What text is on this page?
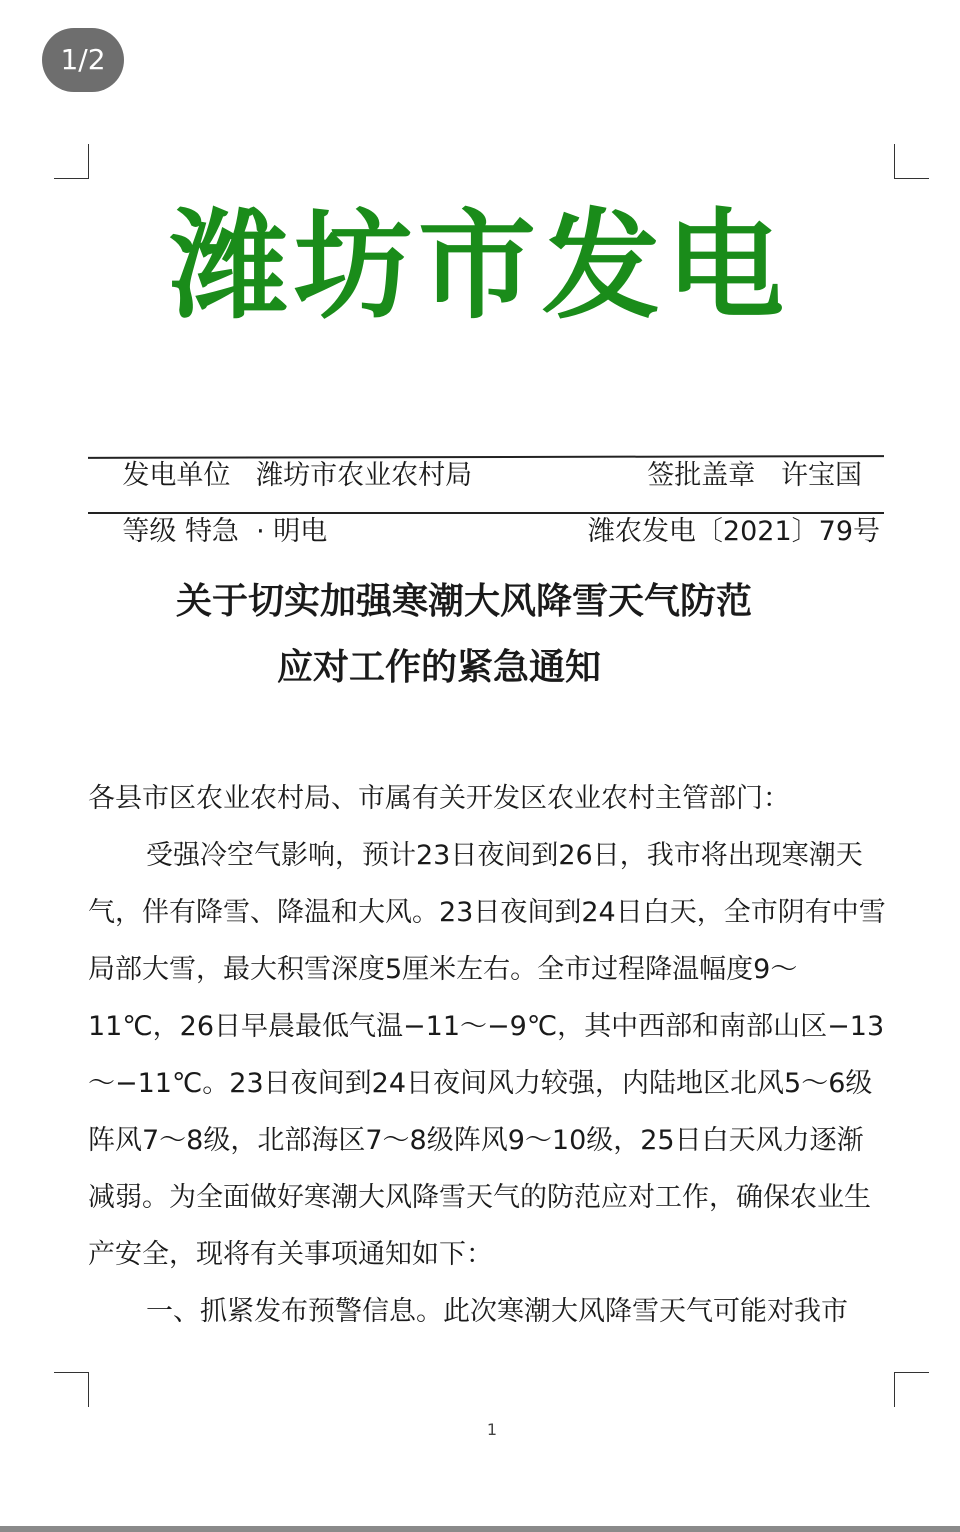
1/2
潍坊市发电

发电单位 潍坊市农业农村局
	签批盖章 许宝国

等级 特急 · 明电
	潍农发电〔2021〕79号

关于切实加强寒潮大风降雪天气防范
应对工作的紧急通知

各县市区农业农村局、市属有关开发区农业农村主管部门：

受强冷空气影响，预计23日夜间到26日，我市将出现寒潮天气，伴有降雪、降温和大风。23日夜间到24日白天，全市阴有中雪局部大雪，最大积雪深度5厘米左右。全市过程降温幅度9～11℃，26日早晨最低气温−11～−9℃，其中西部和南部山区−13～−11℃。23日夜间到24日夜间风力较强，内陆地区北风5～6级阵风7～8级，北部海区7～8级阵风9～10级，25日白天风力逐渐减弱。为全面做好寒潮大风降雪天气的防范应对工作，确保农业生产安全，现将有关事项通知如下：

一、抓紧发布预警信息。此次寒潮大风降雪天气可能对我市

1
